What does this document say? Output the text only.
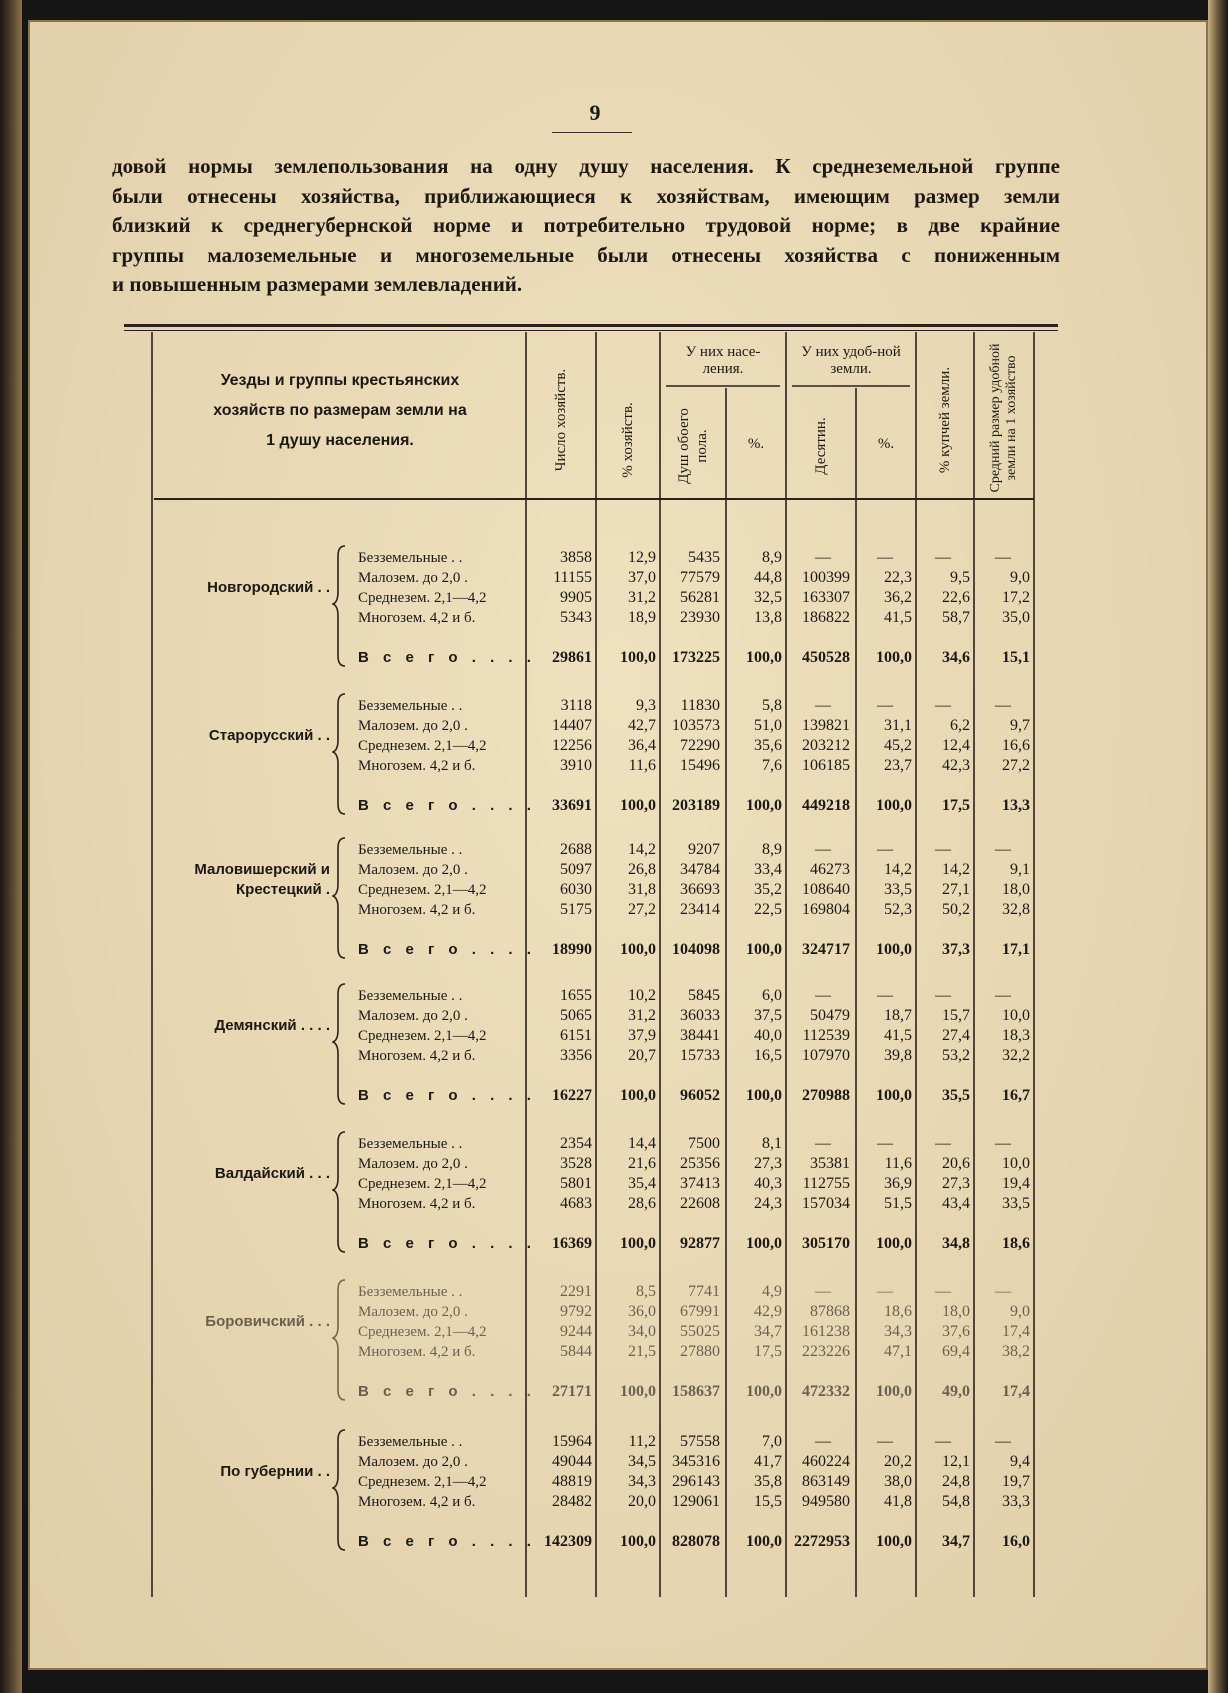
9
довой нормы землепользования на одну душу населения. К среднеземельной группе
были отнесены хозяйства, приближающиеся к хозяйствам, имеющим размер земли
близкий к среднегубернской норме и потребительно трудовой норме; в две крайние
группы малоземельные и многоземельные были отнесены хозяйства с пониженным
и повышенным размерами землевладений.
Уезды и группы крестьянских
хозяйств по размерам земли на
1 душу населения.	Число хозяйств.	% хозяйств.
У них насе-ления.
Душ обоего пола.	%.
У них удоб-ной земли.
Десятин.	%.	% купчей земли.	Средний размер удобной земли на 1 хозяйство
Новгородский . .
Безземельные . .	3858	12,9	5435	8,9	—	—	—	—
Малозем. до 2,0 .	11155	37,0	77579	44,8	100399	22,3	9,5	9,0
Среднезем. 2,1—4,2	9905	31,2	56281	32,5	163307	36,2	22,6	17,2
Многозем. 4,2 и б.	5343	18,9	23930	13,8	186822	41,5	58,7	35,0
В с е г о . . . .	29861	100,0	173225	100,0	450528	100,0	34,6	15,1
Старорусский . .
Безземельные . .	3118	9,3	11830	5,8	—	—	—	—
Малозем. до 2,0 .	14407	42,7	103573	51,0	139821	31,1	6,2	9,7
Среднезем. 2,1—4,2	12256	36,4	72290	35,6	203212	45,2	12,4	16,6
Многозем. 4,2 и б.	3910	11,6	15496	7,6	106185	23,7	42,3	27,2
В с е г о . . . .	33691	100,0	203189	100,0	449218	100,0	17,5	13,3
Маловишерский и
Крестецкий .
Безземельные . .	2688	14,2	9207	8,9	—	—	—	—
Малозем. до 2,0 .	5097	26,8	34784	33,4	46273	14,2	14,2	9,1
Среднезем. 2,1—4,2	6030	31,8	36693	35,2	108640	33,5	27,1	18,0
Многозем. 4,2 и б.	5175	27,2	23414	22,5	169804	52,3	50,2	32,8
В с е г о . . . .	18990	100,0	104098	100,0	324717	100,0	37,3	17,1
Демянский . . . .
Безземельные . .	1655	10,2	5845	6,0	—	—	—	—
Малозем. до 2,0 .	5065	31,2	36033	37,5	50479	18,7	15,7	10,0
Среднезем. 2,1—4,2	6151	37,9	38441	40,0	112539	41,5	27,4	18,3
Многозем. 4,2 и б.	3356	20,7	15733	16,5	107970	39,8	53,2	32,2
В с е г о . . . .	16227	100,0	96052	100,0	270988	100,0	35,5	16,7
Валдайский . . .
Безземельные . .	2354	14,4	7500	8,1	—	—	—	—
Малозем. до 2,0 .	3528	21,6	25356	27,3	35381	11,6	20,6	10,0
Среднезем. 2,1—4,2	5801	35,4	37413	40,3	112755	36,9	27,3	19,4
Многозем. 4,2 и б.	4683	28,6	22608	24,3	157034	51,5	43,4	33,5
В с е г о . . . .	16369	100,0	92877	100,0	305170	100,0	34,8	18,6
Боровичский . . .
Безземельные . .	2291	8,5	7741	4,9	—	—	—	—
Малозем. до 2,0 .	9792	36,0	67991	42,9	87868	18,6	18,0	9,0
Среднезем. 2,1—4,2	9244	34,0	55025	34,7	161238	34,3	37,6	17,4
Многозем. 4,2 и б.	5844	21,5	27880	17,5	223226	47,1	69,4	38,2
В с е г о . . . .	27171	100,0	158637	100,0	472332	100,0	49,0	17,4
По губернии . .
Безземельные . .	15964	11,2	57558	7,0	—	—	—	—
Малозем. до 2,0 .	49044	34,5	345316	41,7	460224	20,2	12,1	9,4
Среднезем. 2,1—4,2	48819	34,3	296143	35,8	863149	38,0	24,8	19,7
Многозем. 4,2 и б.	28482	20,0	129061	15,5	949580	41,8	54,8	33,3
В с е г о . . . . 142309	100,0	828078	100,0 2272953	100,0	34,7	16,0
